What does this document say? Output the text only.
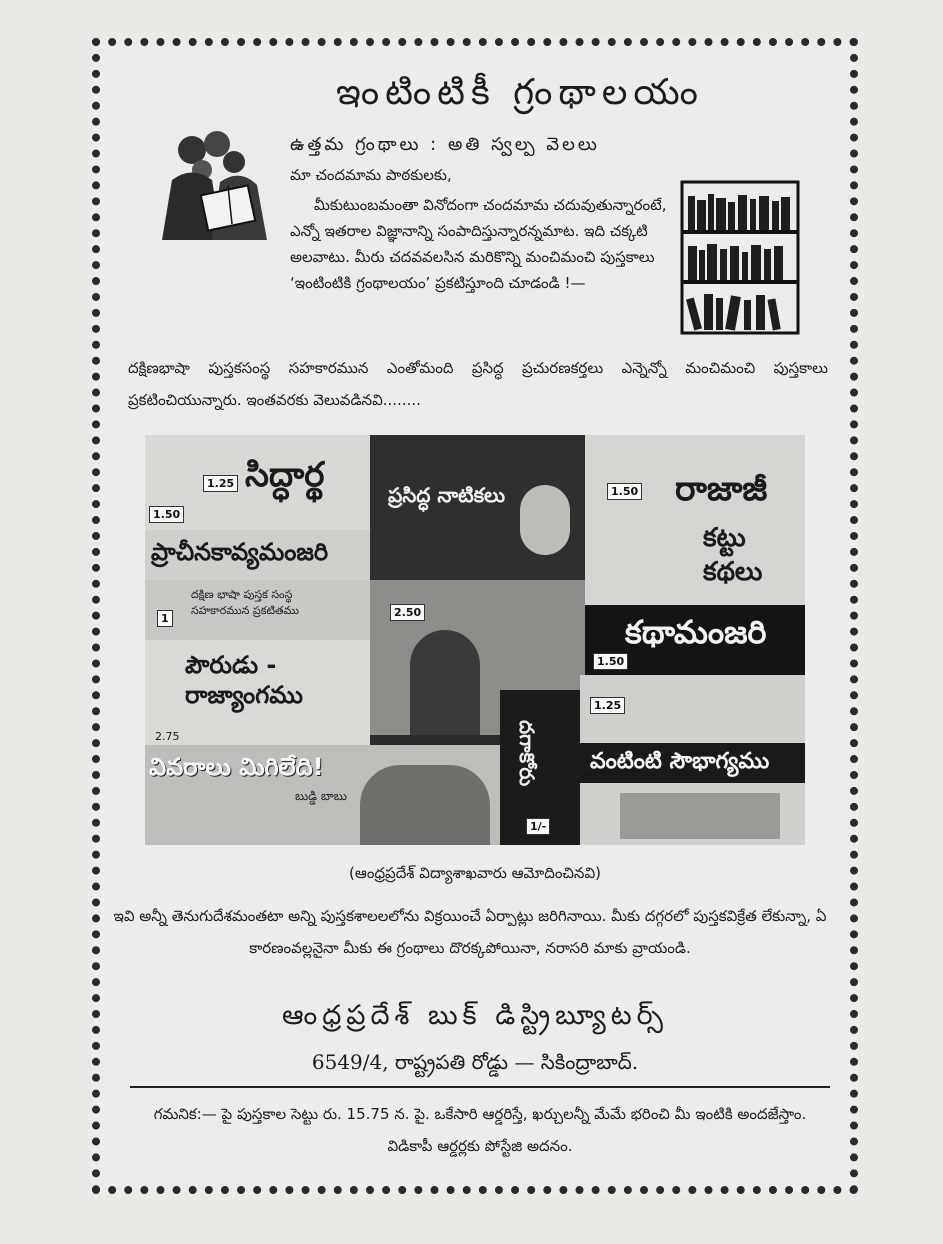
ఇంటింటికీ గ్రంథాలయం
ఉత్తమ గ్రంథాలు : అతి స్వల్ప వెలలు
మా చందమామ పాఠకులకు,
మీకుటుంబమంతా వినోదంగా చందమామ చదువుతున్నారంటే, ఎన్నో ఇతరాల విజ్ఞానాన్ని సంపాదిస్తున్నారన్నమాట. ఇది చక్కటి అలవాటు. మీరు చదవవలసిన మరికొన్ని మంచిమంచి పుస్తకాలు ‘ఇంటింటికి గ్రంథాలయం’ ప్రకటిస్తూంది చూడండి !—
దక్షిణభాషా పుస్తకసంస్థ సహకారమున ఎంతోమంది ప్రసిద్ధ ప్రచురణకర్తలు ఎన్నెన్నో మంచిమంచి పుస్తకాలు ప్రకటించియున్నారు. ఇంతవరకు వెలువడినవి........
1.25 సిద్ధార్థ
1.50
ప్రాచీనకావ్యమంజరి
ప్రసిద్ధ నాటికలు	1.50 రాజాజీ
కట్టు కథలు
1
దక్షిణ భాషా పుస్తక సంస్థ సహకారమున ప్రకటితము	2.50
1.50
కథామంజరి
పౌరుడు - రాజ్యాంగము
2.75	దగాకోరు
1/-
1.25
వంటింటి సౌభాగ్యము
వివరాలు మిగిలేది!
బుడ్డి బాబు
(ఆంధ్రప్రదేశ్ విద్యాశాఖవారు ఆమోదించినవి)
ఇవి అన్నీ తెనుగుదేశమంతటా అన్ని పుస్తకశాలలలోను విక్రయించే ఏర్పాట్లు జరిగినాయి. మీకు దగ్గరలో పుస్తకవిక్రేత లేకున్నా, ఏ కారణంవల్లనైనా మీకు ఈ గ్రంథాలు దొరక్కపోయినా, నరాసరి మాకు వ్రాయండి.
ఆంధ్రప్రదేశ్ బుక్ డిస్ట్రిబ్యూటర్స్
6549/4, రాష్ట్రపతి రోడ్డు — సికింద్రాబాద్.
గమనిక:— పై పుస్తకాల సెట్టు రు. 15.75 న. పై. ఒకేసారి ఆర్డరిస్తే, ఖర్చులన్నీ మేమే భరించి మీ ఇంటికి అందజేస్తాం. విడికాపీ ఆర్డర్లకు పోస్టేజి అదనం.
